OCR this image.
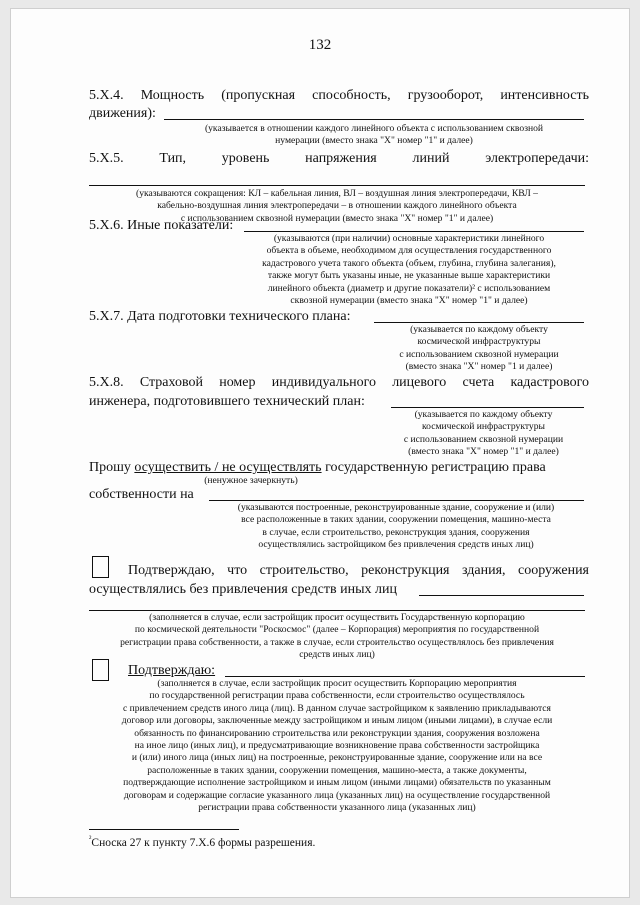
132
5.Х.4. Мощность (пропускная способность, грузооборот, интенсивность
движения):
(указывается в отношении каждого линейного объекта с использованием сквозной
нумерации (вместо знака "Х" номер "1" и далее)
5.Х.5. Тип, уровень напряжения линий электропередачи:
(указываются сокращения: КЛ – кабельная линия, ВЛ – воздушная линия электропередачи, КВЛ –
кабельно-воздушная линия электропередачи – в отношении каждого линейного объекта
с использованием сквозной нумерации (вместо знака "Х" номер "1" и далее)
5.Х.6. Иные показатели:
(указываются (при наличии) основные характеристики линейного
объекта в объеме, необходимом для осуществления государственного
кадастрового учета такого объекта (объем, глубина, глубина залегания),
также могут быть указаны иные, не указанные выше характеристики
линейного объекта (диаметр и другие показатели)² с использованием
сквозной нумерации (вместо знака "Х" номер "1" и далее)
5.Х.7. Дата подготовки технического плана:
(указывается по каждому объекту
космической инфраструктуры
с использованием сквозной нумерации
(вместо знака "Х" номер "1 и далее)
5.Х.8. Страховой номер индивидуального лицевого счета кадастрового
инженера, подготовившего технический план:
(указывается по каждому объекту
космической инфраструктуры
с использованием сквозной нумерации
(вместо знака "Х" номер "1" и далее)
Прошу осуществить / не осуществлять государственную регистрацию права
(ненужное зачеркнуть)
собственности на
(указываются построенные, реконструированные здание, сооружение и (или)
все расположенные в таких здании, сооружении помещения, машино-места
в случае, если строительство, реконструкция здания, сооружения
осуществлялись застройщиком без привлечения средств иных лиц)
Подтверждаю, что строительство, реконструкция здания, сооружения
осуществлялись без привлечения средств иных лиц
(заполняется в случае, если застройщик просит осуществить Государственную корпорацию
по космической деятельности "Роскосмос" (далее – Корпорация) мероприятия по государственной
регистрации права собственности, а также в случае, если строительство осуществлялось без привлечения
средств иных лиц)
Подтверждаю:
(заполняется в случае, если застройщик просит осуществить Корпорацию мероприятия
по государственной регистрации права собственности, если строительство осуществлялось
с привлечением средств иного лица (лиц). В данном случае застройщиком к заявлению прикладываются
договор или договоры, заключенные между застройщиком и иным лицом (иными лицами), в случае если
обязанность по финансированию строительства или реконструкции здания, сооружения возложена
на иное лицо (иных лиц), и предусматривающие возникновение права собственности застройщика
и (или) иного лица (иных лиц) на построенные, реконструированные здание, сооружение или на все
расположенные в таких здании, сооружении помещения, машино-места, а также документы,
подтверждающие исполнение застройщиком и иным лицом (иными лицами) обязательств по указанным
договорам и содержащие согласие указанного лица (указанных лиц) на осуществление государственной
регистрации права собственности указанного лица (указанных лиц)
$^{^2}$Сноска 27 к пункту 7.Х.6 формы разрешения.
